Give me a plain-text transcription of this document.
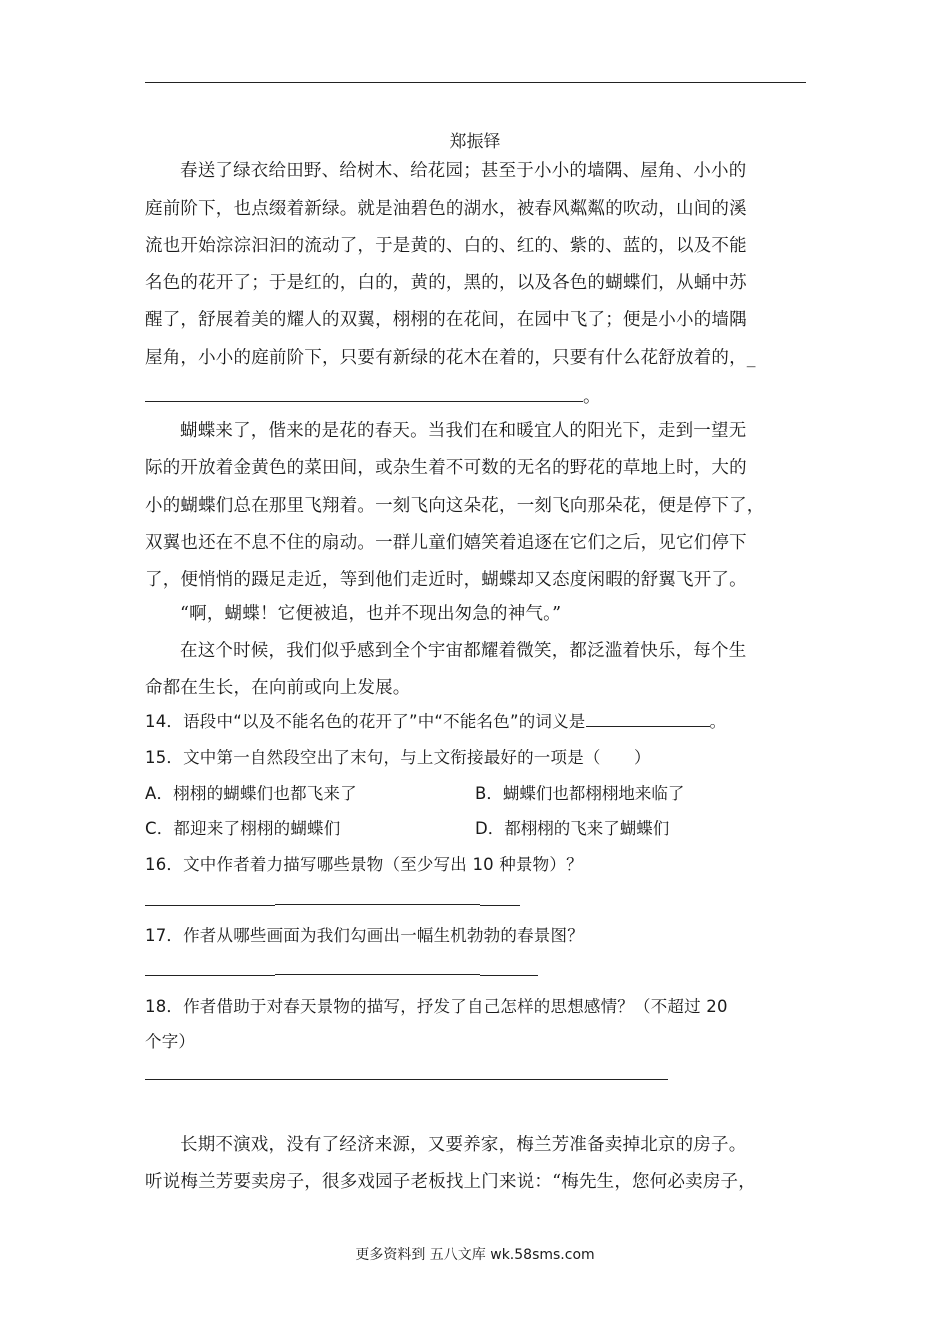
郑振铎
春送了绿衣给田野、给树木、给花园；甚至于小小的墙隅、屋角、小小的
庭前阶下，也点缀着新绿。就是油碧色的湖水，被春风粼粼的吹动，山间的溪
流也开始淙淙汩汩的流动了，于是黄的、白的、红的、紫的、蓝的，以及不能
名色的花开了；于是红的，白的，黄的，黑的，以及各色的蝴蝶们，从蛹中苏
醒了，舒展着美的耀人的双翼，栩栩的在花间，在园中飞了；便是小小的墙隅
屋角，小小的庭前阶下，只要有新绿的花木在着的，只要有什么花舒放着的，_
。
蝴蝶来了，偕来的是花的春天。当我们在和暖宜人的阳光下，走到一望无
际的开放着金黄色的菜田间，或杂生着不可数的无名的野花的草地上时，大的
小的蝴蝶们总在那里飞翔着。一刻飞向这朵花，一刻飞向那朵花，便是停下了，
双翼也还在不息不住的扇动。一群儿童们嬉笑着追逐在它们之后，见它们停下
了，便悄悄的蹑足走近，等到他们走近时，蝴蝶却又态度闲暇的舒翼飞开了。
“啊，蝴蝶！它便被追，也并不现出匆急的神气。”
在这个时候，我们似乎感到全个宇宙都耀着微笑，都泛滥着快乐，每个生
命都在生长，在向前或向上发展。
14．语段中“以及不能名色的花开了”中“不能名色”的词义是	。
15．文中第一自然段空出了末句，与上文衔接最好的一项是（　　）
A．栩栩的蝴蝶们也都飞来了	B．蝴蝶们也都栩栩地来临了
C．都迎来了栩栩的蝴蝶们	D．都栩栩的飞来了蝴蝶们
16．文中作者着力描写哪些景物（至少写出 10 种景物）？
17．作者从哪些画面为我们勾画出一幅生机勃勃的春景图？
18．作者借助于对春天景物的描写，抒发了自己怎样的思想感情？（不超过 20
个字）
长期不演戏，没有了经济来源，又要养家，梅兰芳准备卖掉北京的房子。
听说梅兰芳要卖房子，很多戏园子老板找上门来说：“梅先生，您何必卖房子，
更多资料到 五八文库 wk.58sms.com
